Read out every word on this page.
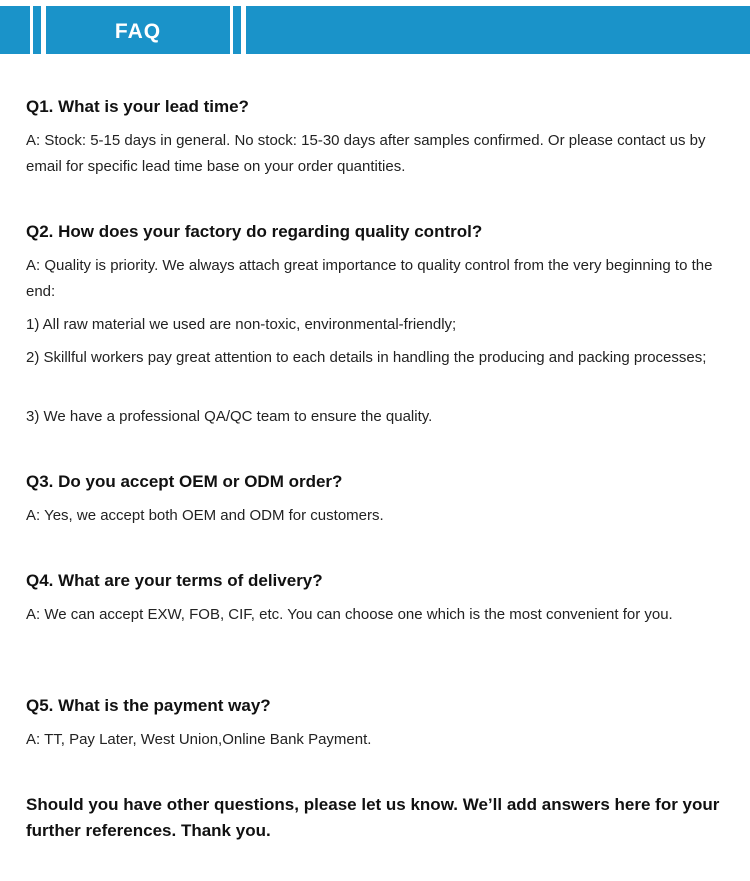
FAQ

Q1. What is your lead time?

A: Stock: 5-15 days in general. No stock: 15-30 days after samples confirmed. Or please contact us by email for specific lead time base on your order quantities.

Q2. How does your factory do regarding quality control?

A: Quality is priority. We always attach great importance to quality control from the very beginning to the end:

1) All raw material we used are non-toxic, environmental-friendly;

2) Skillful workers pay great attention to each details in handling the producing and packing processes;

3) We have a professional QA/QC team to ensure the quality.

Q3. Do you accept OEM or ODM order?

A: Yes, we accept both OEM and ODM for customers.

Q4. What are your terms of delivery?

A: We can accept EXW, FOB, CIF, etc. You can choose one which is the most convenient for you.

Q5. What is the payment way?

A: TT, Pay Later, West Union,Online Bank Payment.

Should you have other questions, please let us know. We’ll add answers here for your further references. Thank you.
